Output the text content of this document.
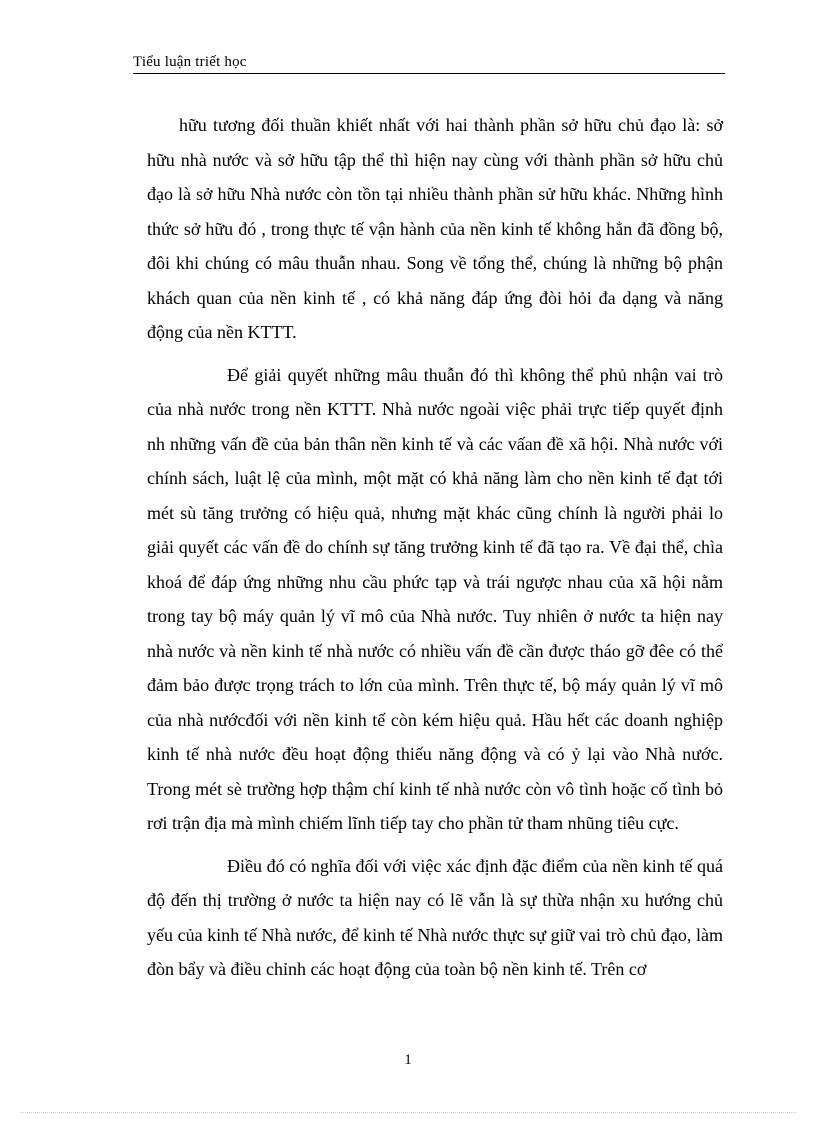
Tiểu luận triết học

hữu tương đối thuần khiết nhất với hai thành phần sở hữu chủ đạo là: sở hữu nhà nước và sở hữu tập thể thì hiện nay cùng với thành phần sở hữu chủ đạo là sở hữu Nhà nước còn tồn tại nhiều thành phần sử hữu khác. Những hình thức sở hữu đó , trong thực tế vận hành của nền kinh tế không hẳn đã đồng bộ, đôi khi chúng có mâu thuẫn nhau. Song về tổng thể, chúng là những bộ phận khách quan của nền kinh tế , có khả năng đáp ứng đòi hỏi đa dạng và năng động của nền KTTT.

Để giải quyết những mâu thuẫn đó thì không thể phủ nhận vai trò của nhà nước trong nền KTTT. Nhà nước ngoài việc phải trực tiếp quyết định nh những vấn đề của bản thân nền kinh tế và các vấan đề xã hội. Nhà nước với chính sách, luật lệ của mình, một mặt có khả năng làm cho nền kinh tế đạt tới mét sù tăng trưởng có hiệu quả, nhưng mặt khác cũng chính là người phải lo giải quyết các vấn đề do chính sự tăng trưởng kinh tế đã tạo ra. Về đại thể, chìa khoá để đáp ứng những nhu cầu phức tạp và trái ngược nhau của xã hội nằm trong tay bộ máy quản lý vĩ mô của Nhà nước. Tuy nhiên ở nước ta hiện nay nhà nước và nền kinh tế nhà nước có nhiều vấn đề cần được tháo gỡ đêe có thể đảm bảo được trọng trách to lớn của mình. Trên thực tế, bộ máy quản lý vĩ mô của nhà nướcđối với nền kinh tế còn kém hiệu quả. Hầu hết các doanh nghiệp kinh tế nhà nước đều hoạt động thiếu năng động và có ỷ lại vào Nhà nước. Trong mét sè trường hợp thậm chí kinh tế nhà nước còn vô tình hoặc cố tình bỏ rơi trận địa mà mình chiếm lĩnh tiếp tay cho phần tử tham nhũng tiêu cực.

Điều đó có nghĩa đối với việc xác định đặc điểm của nền kinh tế quá độ đến thị trường ở nước ta hiện nay có lẽ vẫn là sự thừa nhận xu hướng chủ yếu của kinh tế Nhà nước, để kinh tế Nhà nước thực sự giữ vai trò chủ đạo, làm đòn bẩy và điều chỉnh các hoạt động của toàn bộ nền kinh tế. Trên cơ

1
